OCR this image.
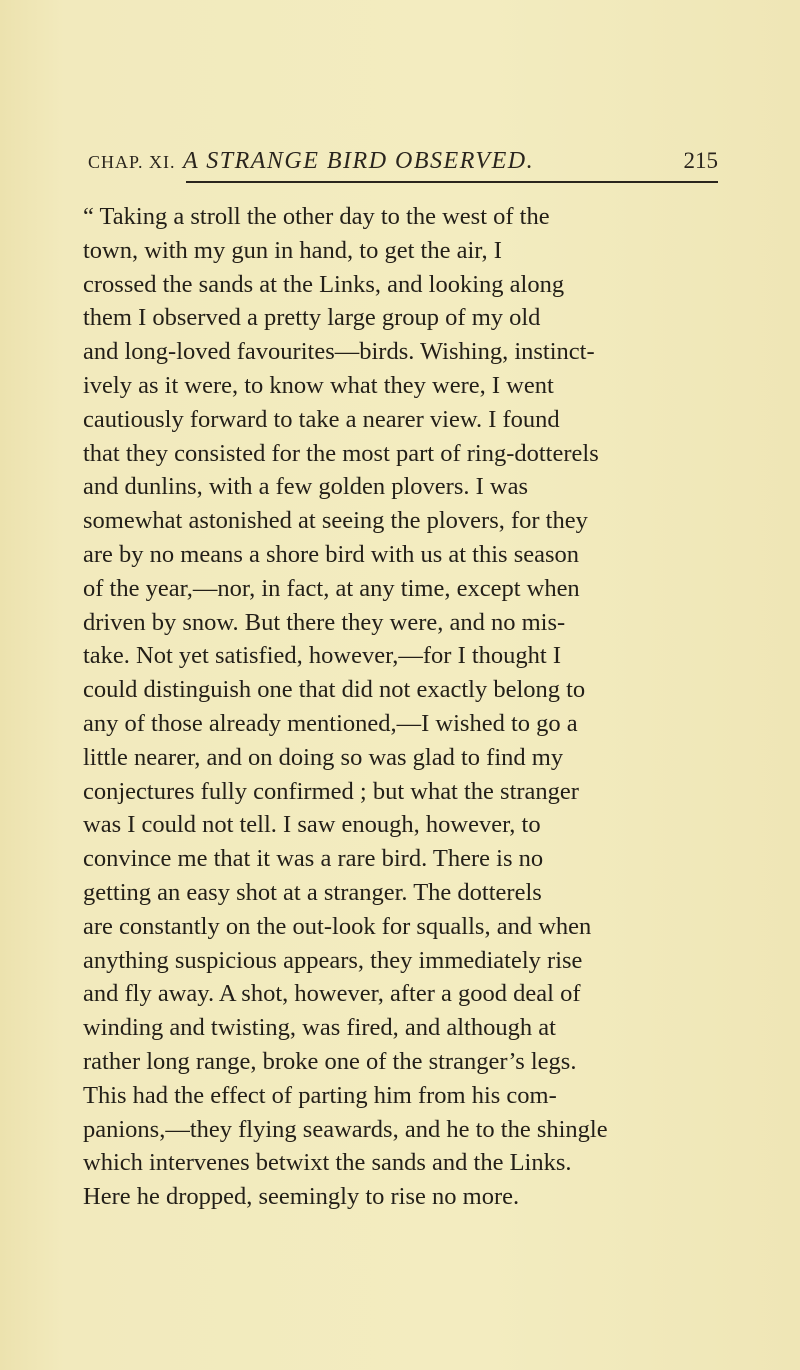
CHAP. XI. A STRANGE BIRD OBSERVED.	215

“ Taking a stroll the other day to the west of the
town, with my gun in hand, to get the air, I
crossed the sands at the Links, and looking along
them I observed a pretty large group of my old
and long-loved favourites—birds. Wishing, instinct-
ively as it were, to know what they were, I went
cautiously forward to take a nearer view. I found
that they consisted for the most part of ring-dotterels
and dunlins, with a few golden plovers. I was
somewhat astonished at seeing the plovers, for they
are by no means a shore bird with us at this season
of the year,—nor, in fact, at any time, except when
driven by snow. But there they were, and no mis-
take. Not yet satisfied, however,—for I thought I
could distinguish one that did not exactly belong to
any of those already mentioned,—I wished to go a
little nearer, and on doing so was glad to find my
conjectures fully confirmed ; but what the stranger
was I could not tell. I saw enough, however, to
convince me that it was a rare bird. There is no
getting an easy shot at a stranger. The dotterels
are constantly on the out-look for squalls, and when
anything suspicious appears, they immediately rise
and fly away. A shot, however, after a good deal of
winding and twisting, was fired, and although at
rather long range, broke one of the stranger’s legs.
This had the effect of parting him from his com-
panions,—they flying seawards, and he to the shingle
which intervenes betwixt the sands and the Links.
Here he dropped, seemingly to rise no more.
